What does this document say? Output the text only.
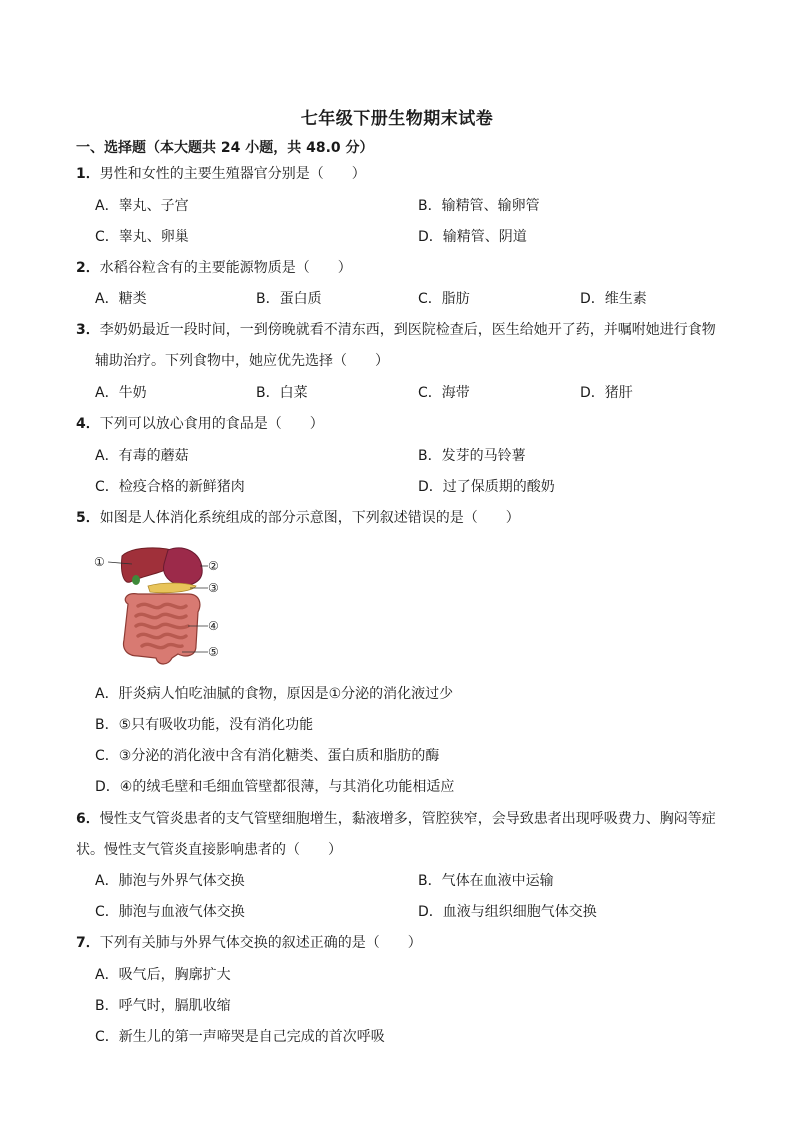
七年级下册生物期末试卷
一、选择题（本大题共 24 小题，共 48.0 分）
1．男性和女性的主要生殖器官分别是（　　）
A．睾丸、子宫	B．输精管、输卵管
C．睾丸、卵巢	D．输精管、阴道
2．水稻谷粒含有的主要能源物质是（　　）
A．糖类	B．蛋白质	C．脂肪	D．维生素
3．李奶奶最近一段时间，一到傍晚就看不清东西，到医院检查后，医生给她开了药，并嘱咐她进行食物
辅助治疗。下列食物中，她应优先选择（　　）
A．牛奶	B．白菜	C．海带	D．猪肝
4．下列可以放心食用的食品是（　　）
A．有毒的蘑菇	B．发芽的马铃薯
C．检疫合格的新鲜猪肉	D．过了保质期的酸奶
5．如图是人体消化系统组成的部分示意图，下列叙述错误的是（　　）
①	②
③
④
⑤
A．肝炎病人怕吃油腻的食物，原因是①分泌的消化液过少
B．⑤只有吸收功能，没有消化功能
C．③分泌的消化液中含有消化糖类、蛋白质和脂肪的酶
D．④的绒毛壁和毛细血管壁都很薄，与其消化功能相适应
6．慢性支气管炎患者的支气管壁细胞增生，黏液增多，管腔狭窄，会导致患者出现呼吸费力、胸闷等症
状。慢性支气管炎直接影响患者的（　　）
A．肺泡与外界气体交换	B．气体在血液中运输
C．肺泡与血液气体交换	D．血液与组织细胞气体交换
7．下列有关肺与外界气体交换的叙述正确的是（　　）
A．吸气后，胸廓扩大
B．呼气时，膈肌收缩
C．新生儿的第一声啼哭是自己完成的首次呼吸
